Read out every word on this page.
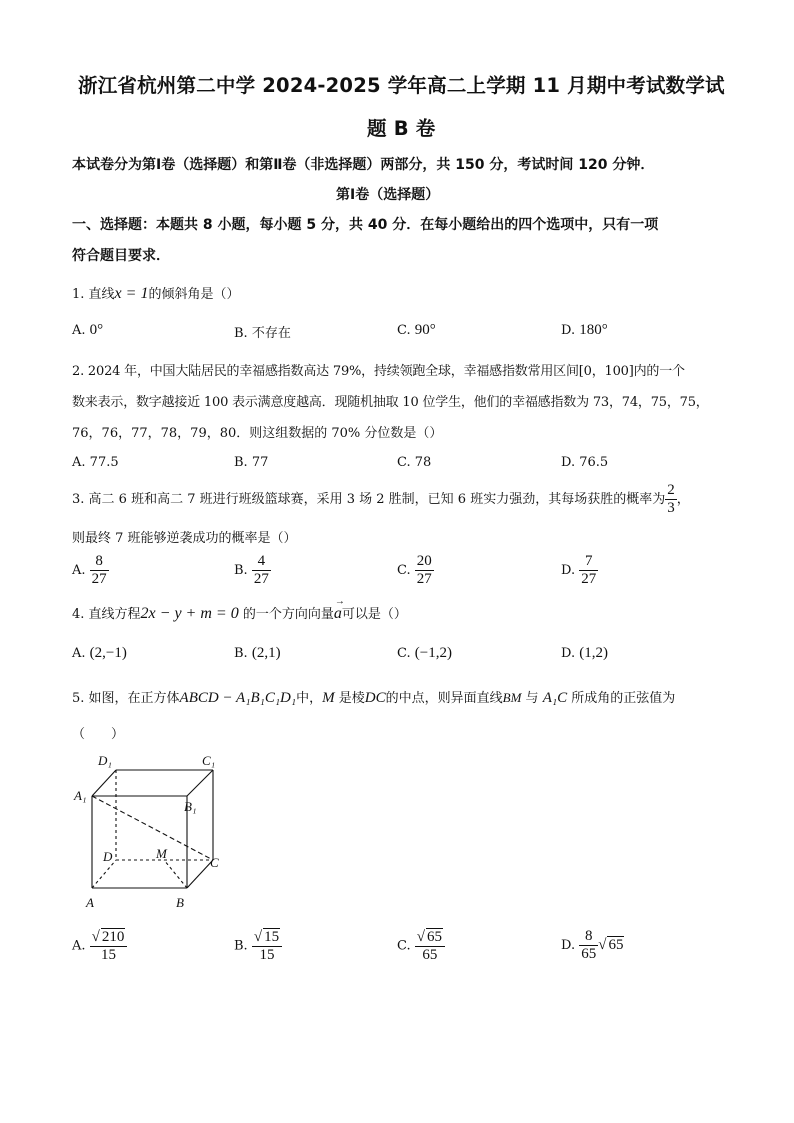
浙江省杭州第二中学 2024-2025 学年高二上学期 11 月期中考试数学试
题 B 卷
本试卷分为第Ⅰ卷（选择题）和第Ⅱ卷（非选择题）两部分，共 150 分，考试时间 120 分钟．
第Ⅰ卷（选择题）
一、选择题：本题共 8 小题，每小题 5 分，共 40 分．在每小题给出的四个选项中，只有一项
符合题目要求．
1. 直线x = 1的倾斜角是（）
A. 0°	B. 不存在	C. 90°	D. 180°
2. 2024 年，中国大陆居民的幸福感指数高达 79%，持续领跑全球，幸福感指数常用区间[0，100]内的一个
数来表示，数字越接近 100 表示满意度越高．现随机抽取 10 位学生，他们的幸福感指数为 73，74，75，75，
76，76，77，78，79，80．则这组数据的 70% 分位数是（）
A. 77.5	B. 77	C. 78	D. 76.5
3. 高二 6 班和高二 7 班进行班级篮球赛，采用 3 场 2 胜制，已知 6 班实力强劲，其每场获胜的概率为 $\frac{2}{3}$ ，
则最终 7 班能够逆袭成功的概率是（）
A. $\frac{8}{27}$	B. $\frac{4}{27}$	C. $\frac{20}{27}$	D. $\frac{7}{27}$
4. 直线方程2x − y + m = 0 的一个方向向量
→
a可以是（）
A. (2,−1)	B. (2,1)	C. (−1,2)	D. (1,2)
5. 如图，在正方体ABCD − A₁B₁C₁D₁中，M 是棱DC的中点，则异面直线BM 与 A₁C 所成角的正弦值为
（　　）
D₁	C₁
A₁
B₁
D	M
C
A	B
A. $\frac{√ 210}{15}$	B. $\frac{√ 15}{15}$	C. $\frac{√ 65}{65}$	D. $\frac{8}{65}$ √ 65
